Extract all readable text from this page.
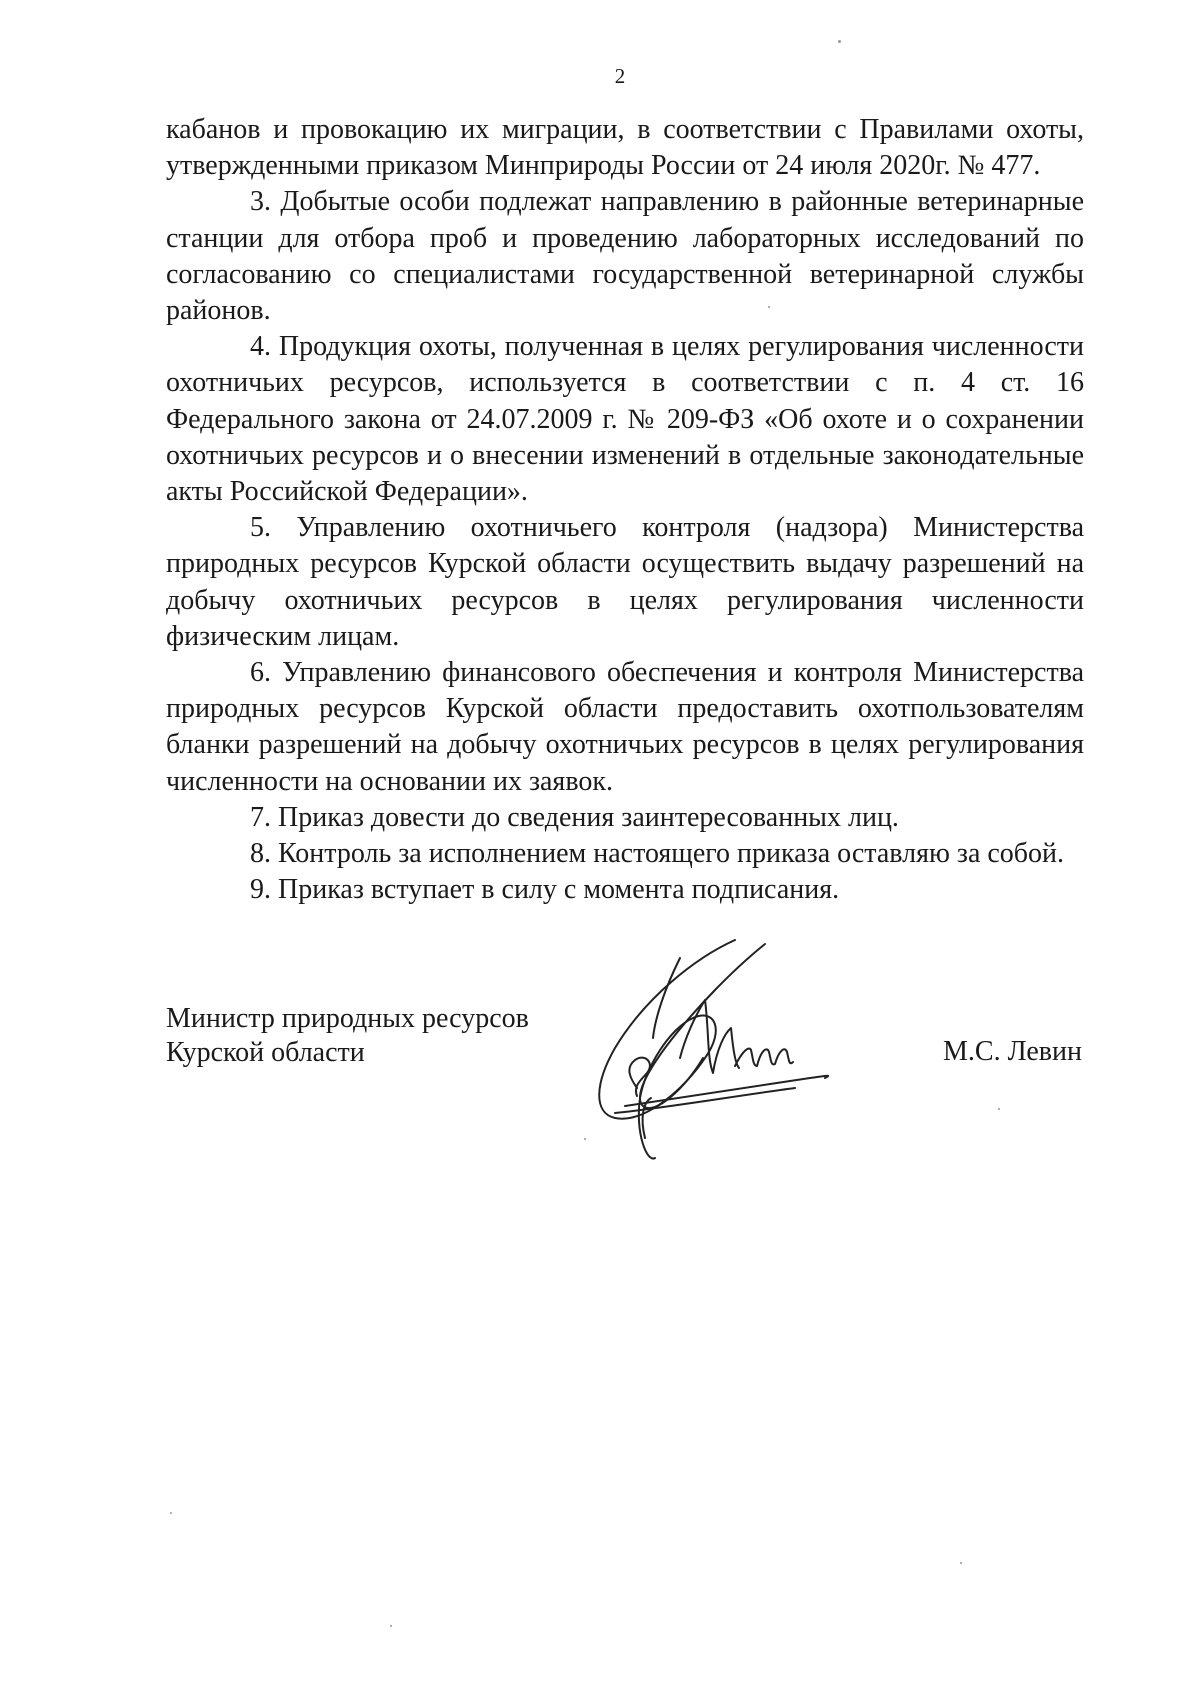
2

кабанов и провокацию их миграции, в соответствии с Правилами охоты, утвержденными приказом Минприроды России от 24 июля 2020г. № 477.

3. Добытые особи подлежат направлению в районные ветеринарные станции для отбора проб и проведению лабораторных исследований по согласованию со специалистами государственной ветеринарной службы районов.

4. Продукция охоты, полученная в целях регулирования численности охотничьих ресурсов, используется в соответствии с п. 4 ст. 16 Федерального закона от 24.07.2009 г. № 209-ФЗ «Об охоте и о сохранении охотничьих ресурсов и о внесении изменений в отдельные законодательные акты Российской Федерации».

5. Управлению охотничьего контроля (надзора) Министерства природных ресурсов Курской области осуществить выдачу разрешений на добычу охотничьих ресурсов в целях регулирования численности физическим лицам.

6. Управлению финансового обеспечения и контроля Министерства природных ресурсов Курской области предоставить охотпользователям бланки разрешений на добычу охотничьих ресурсов в целях регулирования численности на основании их заявок.

7. Приказ довести до сведения заинтересованных лиц.

8. Контроль за исполнением настоящего приказа оставляю за собой.

9. Приказ вступает в силу с момента подписания.

Министр природных ресурсов
Курской области	М.С. Левин
